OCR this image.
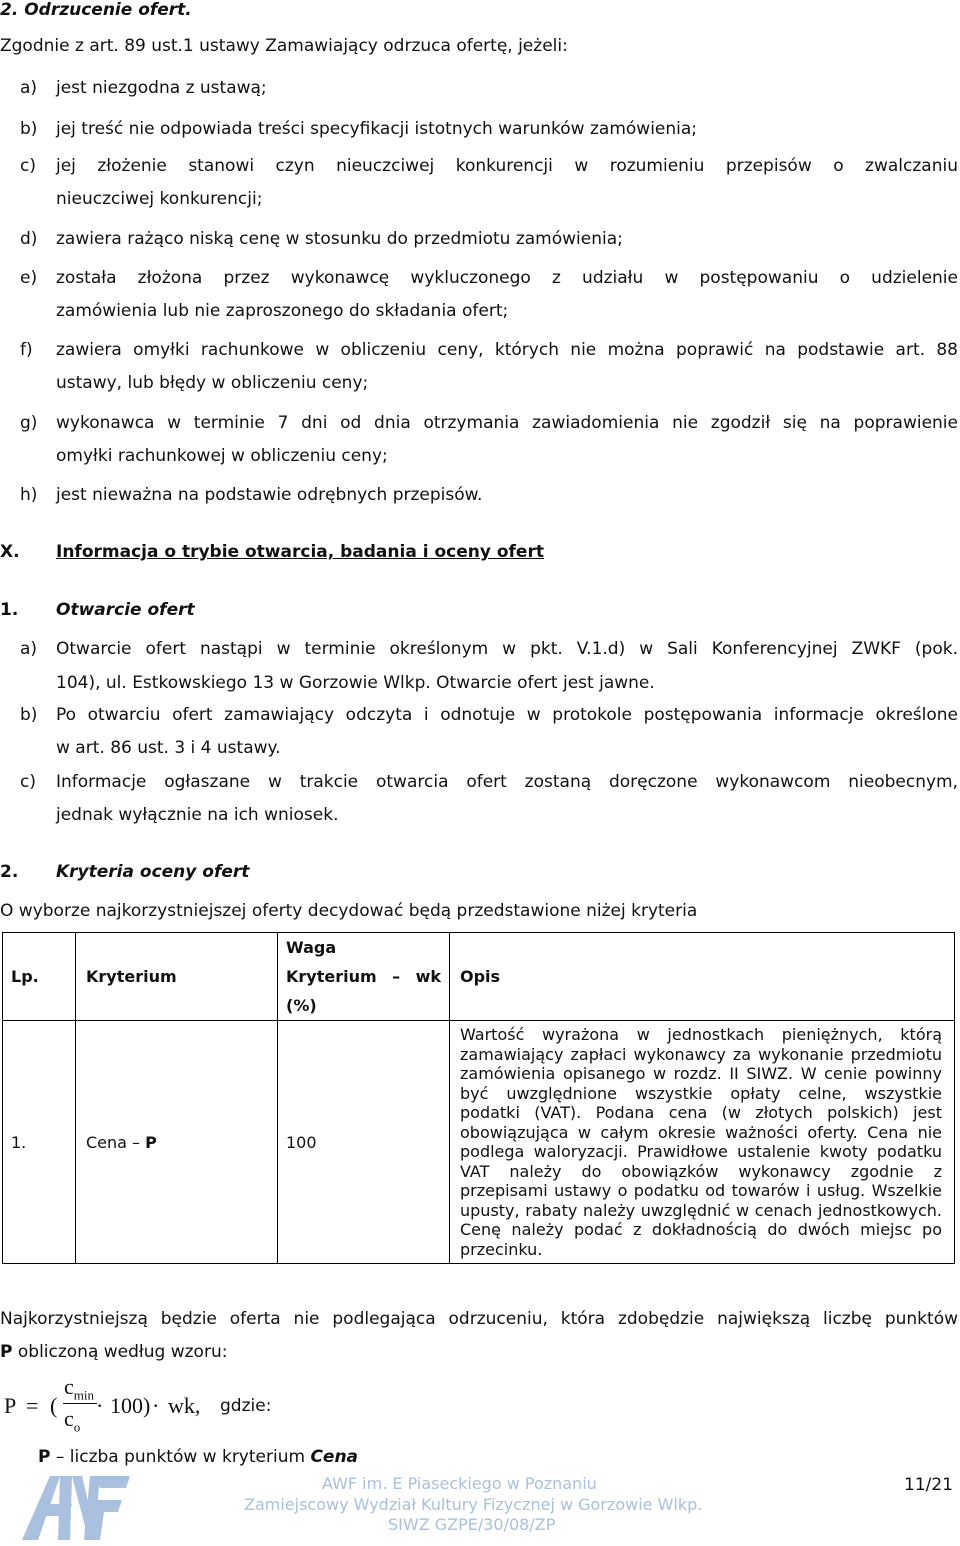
2. Odrzucenie ofert.
Zgodnie z art. 89 ust.1 ustawy Zamawiający odrzuca ofertę, jeżeli:
a) jest niezgodna z ustawą;
b) jej treść nie odpowiada treści specyfikacji istotnych warunków zamówienia;
c) jej złożenie stanowi czyn nieuczciwej konkurencji w rozumieniu przepisów o zwalczaniu
nieuczciwej konkurencji;
d) zawiera rażąco niską cenę w stosunku do przedmiotu zamówienia;
e) została złożona przez wykonawcę wykluczonego z udziału w postępowaniu o udzielenie
zamówienia lub nie zaproszonego do składania ofert;
f) zawiera omyłki rachunkowe w obliczeniu ceny, których nie można poprawić na podstawie art. 88
ustawy, lub błędy w obliczeniu ceny;
g) wykonawca w terminie 7 dni od dnia otrzymania zawiadomienia nie zgodził się na poprawienie
omyłki rachunkowej w obliczeniu ceny;
h) jest nieważna na podstawie odrębnych przepisów.
X. Informacja o trybie otwarcia, badania i oceny ofert
1. Otwarcie ofert
a) Otwarcie ofert nastąpi w terminie określonym w pkt. V.1.d) w Sali Konferencyjnej ZWKF (pok.
104), ul. Estkowskiego 13 w Gorzowie Wlkp. Otwarcie ofert jest jawne.
b) Po otwarciu ofert zamawiający odczyta i odnotuje w protokole postępowania informacje określone
w art. 86 ust. 3 i 4 ustawy.
c) Informacje ogłaszane w trakcie otwarcia ofert zostaną doręczone wykonawcom nieobecnym,
jednak wyłącznie na ich wniosek.
2. Kryteria oceny ofert
O wyborze najkorzystniejszej oferty decydować będą przedstawione niżej kryteria
Lp.	Kryterium	Waga
Kryterium – wk
(%)	Opis
1.	Cena – P	100	Wartość wyrażona w jednostkach pieniężnych, którą zamawiający zapłaci wykonawcy za wykonanie przedmiotu zamówienia opisanego w rozdz. II SIWZ. W cenie powinny być uwzględnione wszystkie opłaty celne, wszystkie podatki (VAT). Podana cena (w złotych polskich) jest obowiązująca w całym okresie ważności oferty. Cena nie podlega waloryzacji. Prawidłowe ustalenie kwoty podatku VAT należy do obowiązków wykonawcy zgodnie z przepisami ustawy o podatku od towarów i usług. Wszelkie upusty, rabaty należy uwzględnić w cenach jednostkowych. Cenę należy podać z dokładnością do dwóch miejsc po przecinku.
Najkorzystniejszą będzie oferta nie podlegająca odrzuceniu, która zdobędzie największą liczbę punktów
P obliczoną według wzoru:
P = (
$c_{min}$
$c_o$
· 100) · wk, gdzie:
P – liczba punktów w kryterium Cena
AWF im. E Piaseckiego w Poznaniu
Zamiejscowy Wydział Kultury Fizycznej w Gorzowie Wlkp.
SIWZ GZPE/30/08/ZP
11/21
